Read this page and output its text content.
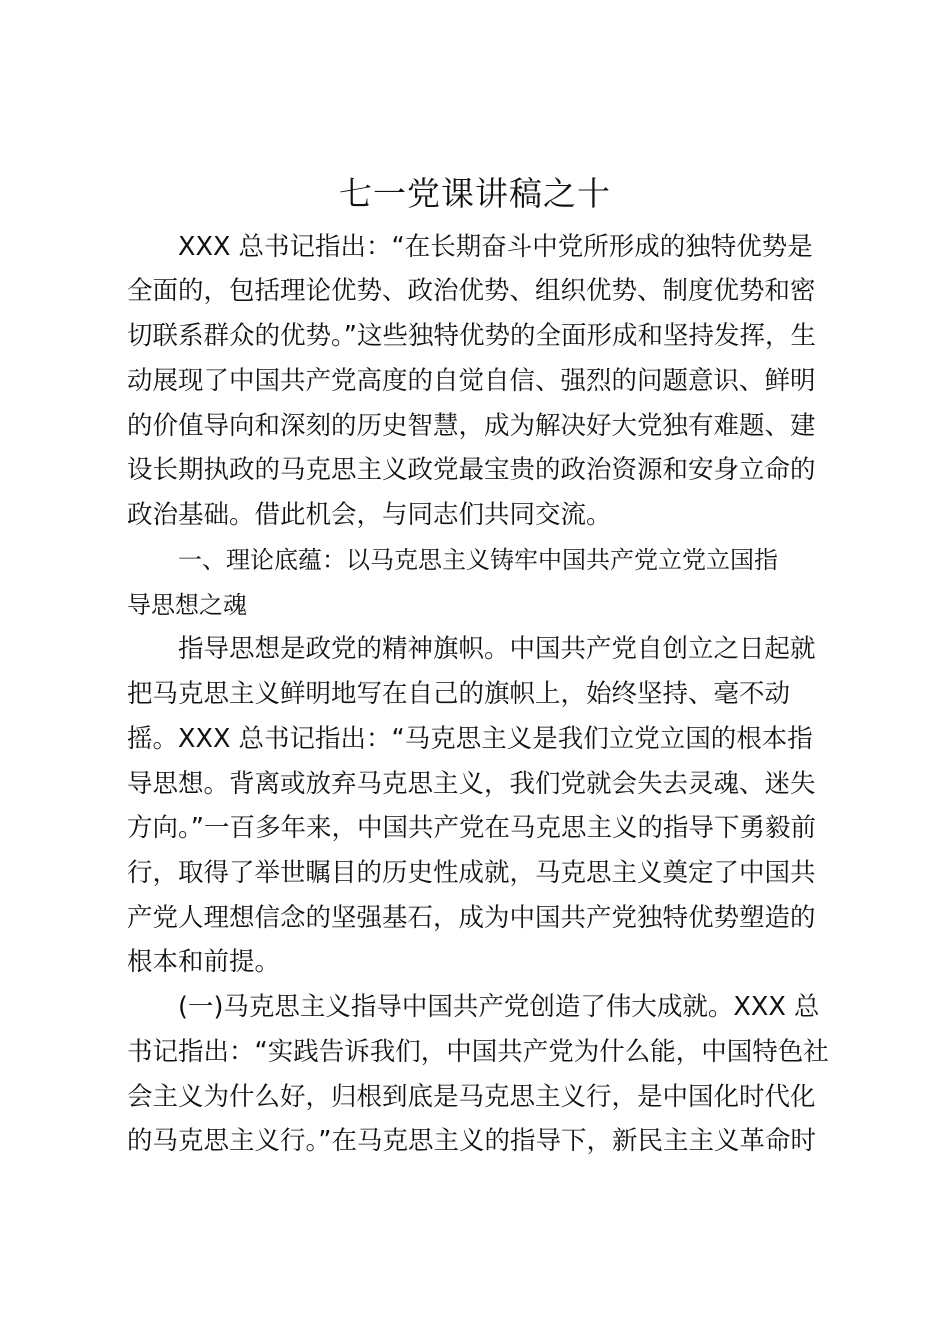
七一党课讲稿之十
XXX 总书记指出：“在长期奋斗中党所形成的独特优势是
全面的，包括理论优势、政治优势、组织优势、制度优势和密
切联系群众的优势。”这些独特优势的全面形成和坚持发挥，生
动展现了中国共产党高度的自觉自信、强烈的问题意识、鲜明
的价值导向和深刻的历史智慧，成为解决好大党独有难题、建
设长期执政的马克思主义政党最宝贵的政治资源和安身立命的
政治基础。借此机会，与同志们共同交流。
一、理论底蕴：以马克思主义铸牢中国共产党立党立国指
导思想之魂
指导思想是政党的精神旗帜。中国共产党自创立之日起就
把马克思主义鲜明地写在自己的旗帜上，始终坚持、毫不动
摇。XXX 总书记指出：“马克思主义是我们立党立国的根本指
导思想。背离或放弃马克思主义，我们党就会失去灵魂、迷失
方向。”一百多年来，中国共产党在马克思主义的指导下勇毅前
行，取得了举世瞩目的历史性成就，马克思主义奠定了中国共
产党人理想信念的坚强基石，成为中国共产党独特优势塑造的
根本和前提。
(一)马克思主义指导中国共产党创造了伟大成就。XXX 总
书记指出：“实践告诉我们，中国共产党为什么能，中国特色社
会主义为什么好，归根到底是马克思主义行，是中国化时代化
的马克思主义行。”在马克思主义的指导下，新民主主义革命时
